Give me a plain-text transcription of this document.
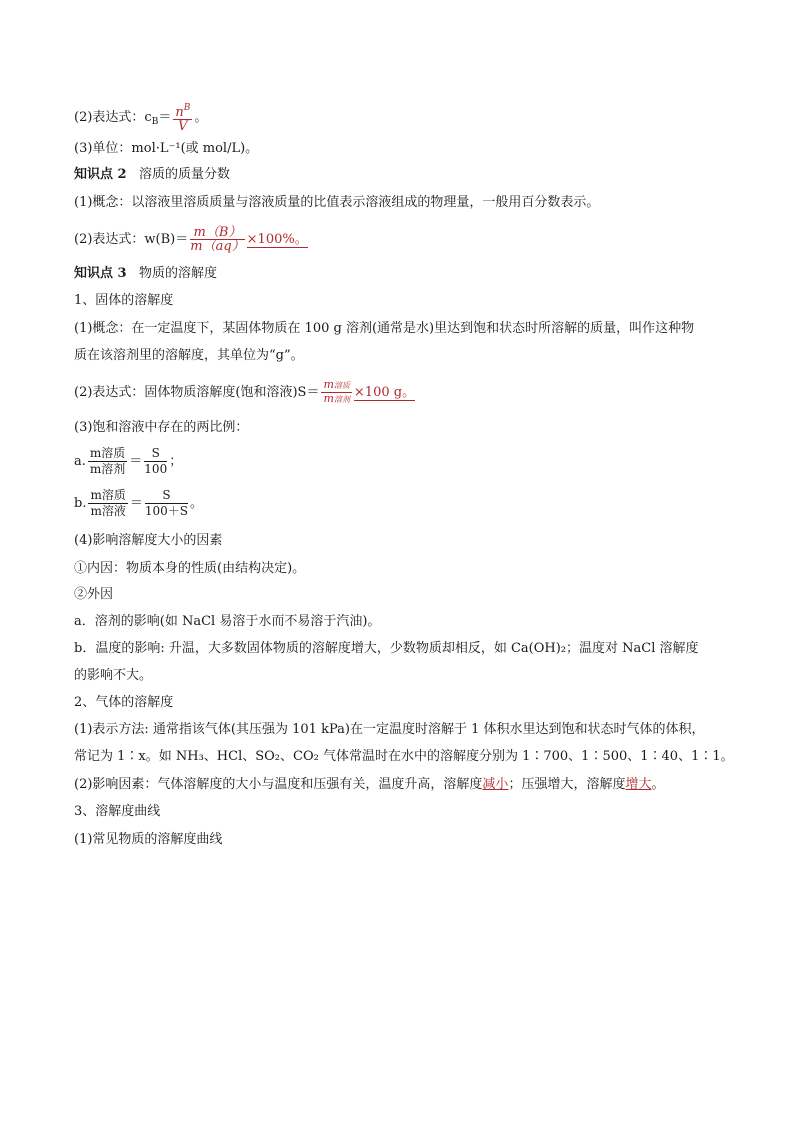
(2)表达式：$c_B= \frac{n^B}{V}$ 。
(3)单位：mol·L⁻¹(或 mol/L)。
知识点 2 溶质的质量分数
(1)概念：以溶液里溶质质量与溶液质量的比值表示溶液组成的物理量，一般用百分数表示。
(2)表达式：$w(B)= \frac{m(B)}{m(aq)} \times 100\%$。
知识点 3 物质的溶解度
1、固体的溶解度
(1)概念：在一定温度下，某固体物质在 100 g 溶剂(通常是水)里达到饱和状态时所溶解的质量，叫作这种物
质在该溶剂里的溶解度，其单位为“g”。
(2)表达式：固体物质溶解度(饱和溶液)$S= \frac{\text{m溶质}}{\text{m溶剂}} \times 100$ g。
(3)饱和溶液中存在的两比例：
a. $\frac{\text{m溶质}}{\text{m溶剂}} = \frac{S}{100}$ ；
b. $\frac{\text{m溶质}}{\text{m溶液}} = \frac{S}{100+S}$ 。
(4)影响溶解度大小的因素
①内因：物质本身的性质(由结构决定)。
②外因
a．溶剂的影响(如 NaCl 易溶于水而不易溶于汽油)。
b．温度的影响: 升温，大多数固体物质的溶解度增大，少数物质却相反，如 Ca(OH)₂；温度对 NaCl 溶解度
的影响不大。
2、气体的溶解度
(1)表示方法: 通常指该气体(其压强为 101 kPa)在一定温度时溶解于 1 体积水里达到饱和状态时气体的体积，
常记为 1∶x。如 NH₃、HCl、SO₂、CO₂ 气体常温时在水中的溶解度分别为 1∶700、1∶500、1∶40、1∶1。
(2)影响因素：气体溶解度的大小与温度和压强有关，温度升高，溶解度减小；压强增大，溶解度增大。
3、溶解度曲线
(1)常见物质的溶解度曲线
